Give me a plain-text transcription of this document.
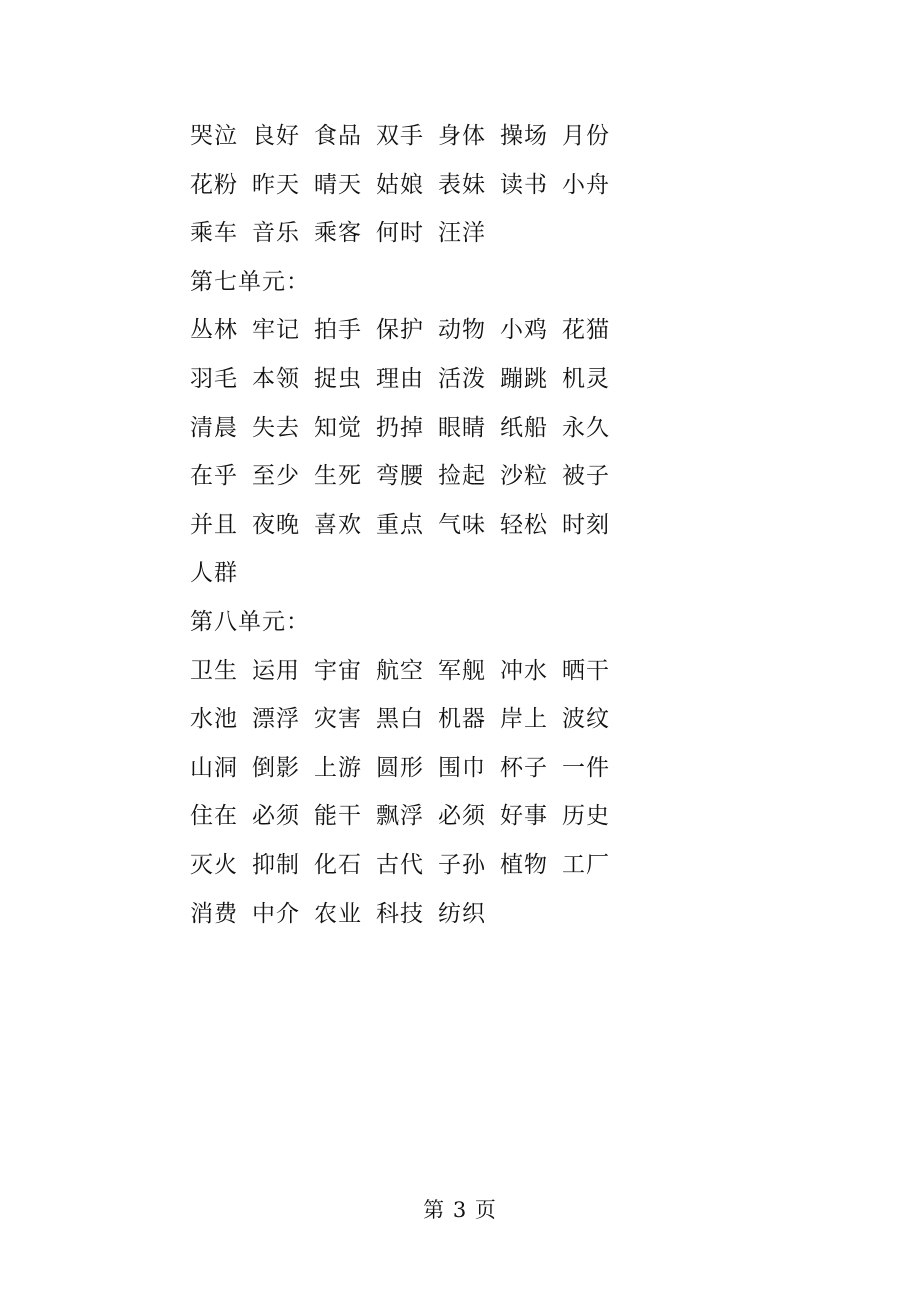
哭泣 良好 食品 双手 身体 操场 月份
花粉 昨天 晴天 姑娘 表妹 读书 小舟
乘车 音乐 乘客 何时 汪洋
第七单元：
丛林 牢记 拍手 保护 动物 小鸡 花猫
羽毛 本领 捉虫 理由 活泼 蹦跳 机灵
清晨 失去 知觉 扔掉 眼睛 纸船 永久
在乎 至少 生死 弯腰 捡起 沙粒 被子
并且 夜晚 喜欢 重点 气味 轻松 时刻
人群
第八单元：
卫生 运用 宇宙 航空 军舰 冲水 晒干
水池 漂浮 灾害 黑白 机器 岸上 波纹
山洞 倒影 上游 圆形 围巾 杯子 一件
住在 必须 能干 飘浮 必须 好事 历史
灭火 抑制 化石 古代 子孙 植物 工厂
消费 中介 农业 科技 纺织
第 3 页
